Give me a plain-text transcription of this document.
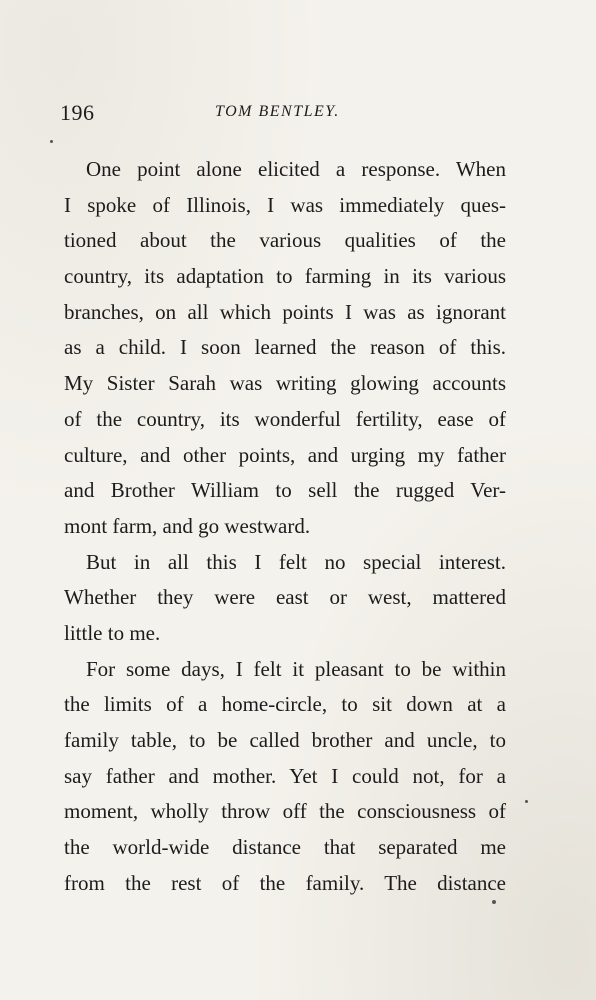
196	TOM BENTLEY.
One point alone elicited a response. When
I spoke of Illinois, I was immediately ques-
tioned about the various qualities of the
country, its adaptation to farming in its various
branches, on all which points I was as ignorant
as a child. I soon learned the reason of this.
My Sister Sarah was writing glowing accounts
of the country, its wonderful fertility, ease of
culture, and other points, and urging my father
and Brother William to sell the rugged Ver-
mont farm, and go westward.
But in all this I felt no special interest.
Whether they were east or west, mattered
little to me.
For some days, I felt it pleasant to be within
the limits of a home-circle, to sit down at a
family table, to be called brother and uncle, to
say father and mother. Yet I could not, for a
moment, wholly throw off the consciousness of
the world-wide distance that separated me
from the rest of the family. The distance
